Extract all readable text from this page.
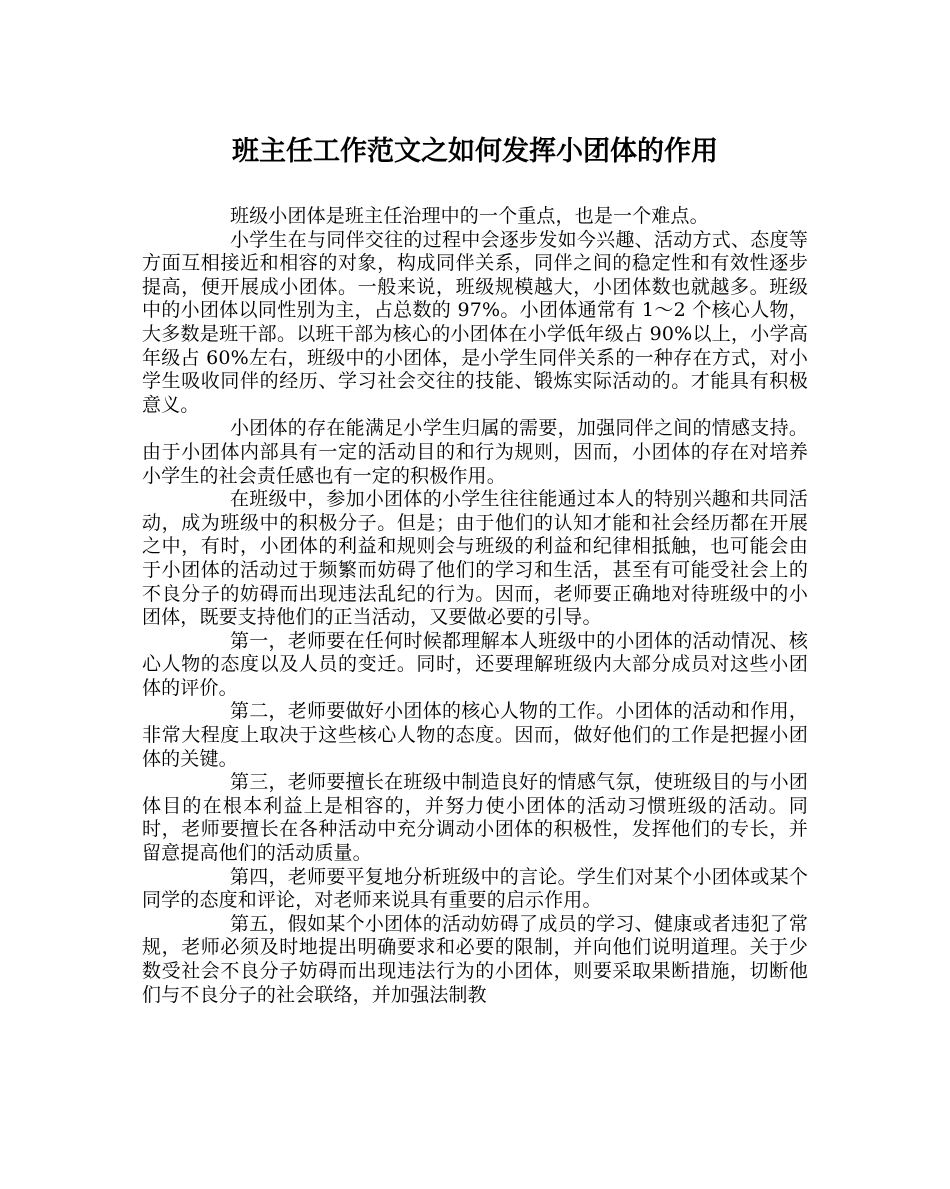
班主任工作范文之如何发挥小团体的作用

班级小团体是班主任治理中的一个重点，也是一个难点。

小学生在与同伴交往的过程中会逐步发如今兴趣、活动方式、态度等方面互相接近和相容的对象，构成同伴关系，同伴之间的稳定性和有效性逐步提高，便开展成小团体。一般来说，班级规模越大，小团体数也就越多。班级中的小团体以同性别为主，占总数的 97%。小团体通常有 1～2 个核心人物，大多数是班干部。以班干部为核心的小团体在小学低年级占 90%以上，小学高年级占 60%左右，班级中的小团体，是小学生同伴关系的一种存在方式，对小学生吸收同伴的经历、学习社会交往的技能、锻炼实际活动的。才能具有积极意义。

小团体的存在能满足小学生归属的需要，加强同伴之间的情感支持。由于小团体内部具有一定的活动目的和行为规则，因而，小团体的存在对培养小学生的社会责任感也有一定的积极作用。

在班级中，参加小团体的小学生往往能通过本人的特别兴趣和共同活动，成为班级中的积极分子。但是；由于他们的认知才能和社会经历都在开展之中，有时，小团体的利益和规则会与班级的利益和纪律相抵触，也可能会由于小团体的活动过于频繁而妨碍了他们的学习和生活，甚至有可能受社会上的不良分子的妨碍而出现违法乱纪的行为。因而，老师要正确地对待班级中的小团体，既要支持他们的正当活动，又要做必要的引导。

第一，老师要在任何时候都理解本人班级中的小团体的活动情况、核心人物的态度以及人员的变迁。同时，还要理解班级内大部分成员对这些小团体的评价。

第二，老师要做好小团体的核心人物的工作。小团体的活动和作用，非常大程度上取决于这些核心人物的态度。因而，做好他们的工作是把握小团体的关键。

第三，老师要擅长在班级中制造良好的情感气氛，使班级目的与小团体目的在根本利益上是相容的，并努力使小团体的活动习惯班级的活动。同时，老师要擅长在各种活动中充分调动小团体的积极性，发挥他们的专长，并留意提高他们的活动质量。

第四，老师要平复地分析班级中的言论。学生们对某个小团体或某个同学的态度和评论，对老师来说具有重要的启示作用。

第五，假如某个小团体的活动妨碍了成员的学习、健康或者违犯了常规，老师必须及时地提出明确要求和必要的限制，并向他们说明道理。关于少数受社会不良分子妨碍而出现违法行为的小团体，则要采取果断措施，切断他们与不良分子的社会联络，并加强法制教
